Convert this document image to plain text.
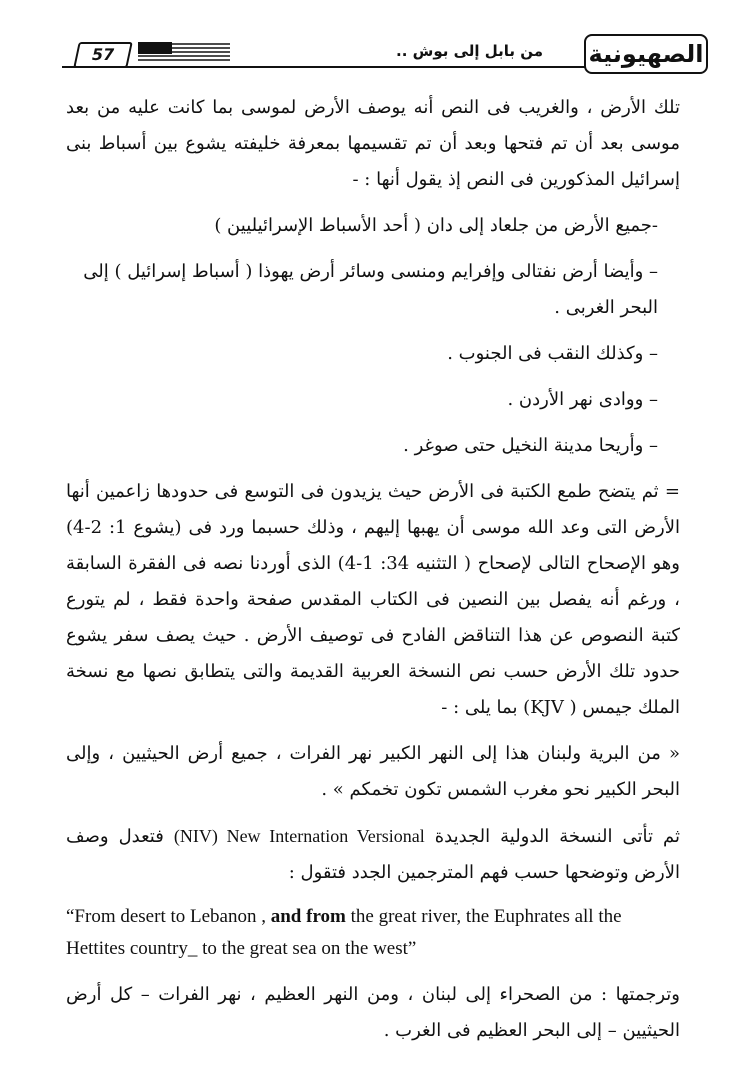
57	من بابل إلى بوش .. الصهيونية

تلك الأرض ، والغريب فى النص أنه يوصف الأرض لموسى بما كانت عليه من بعد موسى بعد أن تم فتحها وبعد أن تم تقسيمها بمعرفة خليفته يشوع بين أسباط بنى إسرائيل المذكورين فى النص إذ يقول أنها : -

-جميع الأرض من جلعاد إلى دان ( أحد الأسباط الإسرائيليين )

– وأيضا أرض نفتالى وإفرايم ومنسى وسائر أرض يهوذا ( أسباط إسرائيل ) إلى البحر الغربى .

– وكذلك النقب فى الجنوب .

– ووادى نهر الأردن .

– وأريحا مدينة النخيل حتى صوغر .

= ثم يتضح طمع الكتبة فى الأرض حيث يزيدون فى التوسع فى حدودها زاعمين أنها الأرض التى وعد الله موسى أن يهبها إليهم ، وذلك حسبما ورد فى (يشوع 1: 2-4) وهو الإصحاح التالى لإصحاح ( التثنيه 34: 1-4) الذى أوردنا نصه فى الفقرة السابقة ، ورغم أنه يفصل بين النصين فى الكتاب المقدس صفحة واحدة فقط ، لم يتورع كتبة النصوص عن هذا التناقض الفادح فى توصيف الأرض . حيث يصف سفر يشوع حدود تلك الأرض حسب نص النسخة العربية القديمة والتى يتطابق نصها مع نسخة الملك جيمس ( KJV) بما يلى : -

« من البرية ولبنان هذا إلى النهر الكبير نهر الفرات ، جميع أرض الحيثيين ، وإلى البحر الكبير نحو مغرب الشمس تكون تخمكم » .

ثم تأتى النسخة الدولية الجديدة (NIV) New Internation Versional فتعدل وصف الأرض وتوضحها حسب فهم المترجمين الجدد فتقول :

“From desert to Lebanon , and from the great river, the Euphrates all the Hettites country_ to the great sea on the west”

وترجمتها : من الصحراء إلى لبنان ، ومن النهر العظيم ، نهر الفرات – كل أرض الحيثيين – إلى البحر العظيم فى الغرب .
